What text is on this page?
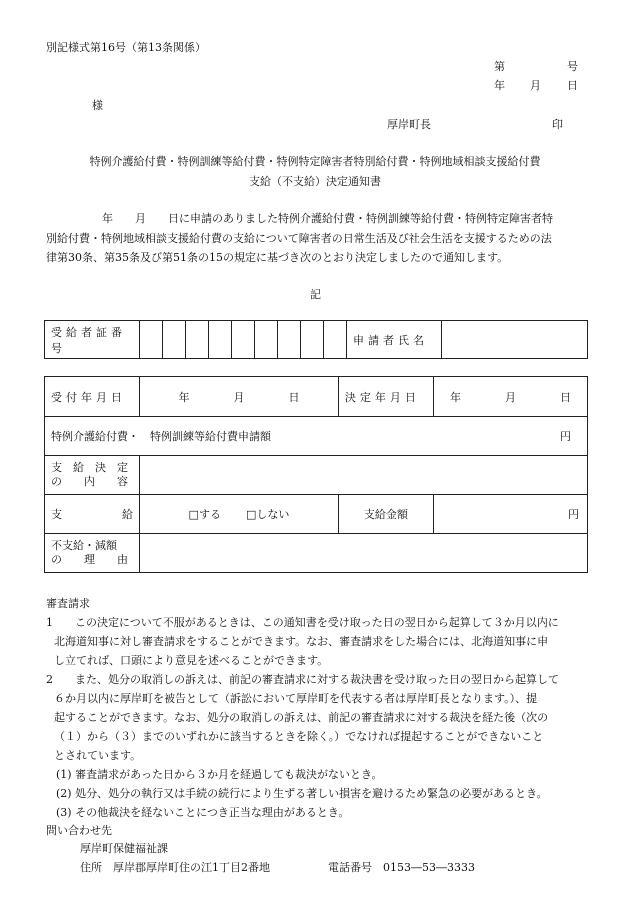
別記様式第16号（第13条関係）
第	号
年 月 日
様
厚岸町長	印
特例介護給付費・特例訓練等給付費・特例特定障害者特別給付費・特例地域相談支援給付費
支給（不支給）決定通知書
年　　月　　日に申請のありました特例介護給付費・特例訓練等給付費・特例特定障害者特
別給付費・特例地域相談支援給付費の支給について障害者の日常生活及び社会生活を支援するための法
律第30条、第35条及び第51条の15の規定に基づき次のとおり決定しましたので通知します。
記
受給者証番号										申請者氏名	
受付年月日	年　　　　月　　　　日	決定年月日	年　　　　月　　　　日
特例介護給付費・　特例訓練等給付費申請額			円

支　給　決　定
の　　内　　容			

支 給	□する □しない	支給金額	円

不支給・減額
の　　理　　由			

審査請求
1　　この決定について不服があるときは、この通知書を受け取った日の翌日から起算して３か月以内に
北海道知事に対し審査請求をすることができます。なお、審査請求をした場合には、北海道知事に申
し立てれば、口頭により意見を述べることができます。
2　　また、処分の取消しの訴えは、前記の審査請求に対する裁決書を受け取った日の翌日から起算して
６か月以内に厚岸町を被告として（訴訟において厚岸町を代表する者は厚岸町長となります。）、提
起することができます。なお、処分の取消しの訴えは、前記の審査請求に対する裁決を経た後（次の
（１）から（３）までのいずれかに該当するときを除く。）でなければ提起することができないこと
とされています。
(1) 審査請求があった日から３か月を経過しても裁決がないとき。
(2) 処分、処分の執行又は手続の続行により生ずる著しい損害を避けるため緊急の必要があるとき。
(3) その他裁決を経ないことにつき正当な理由があるとき。
問い合わせ先
厚岸町保健福祉課
住所　厚岸郡厚岸町住の江1丁目2番地	電話番号　0153―53―3333
